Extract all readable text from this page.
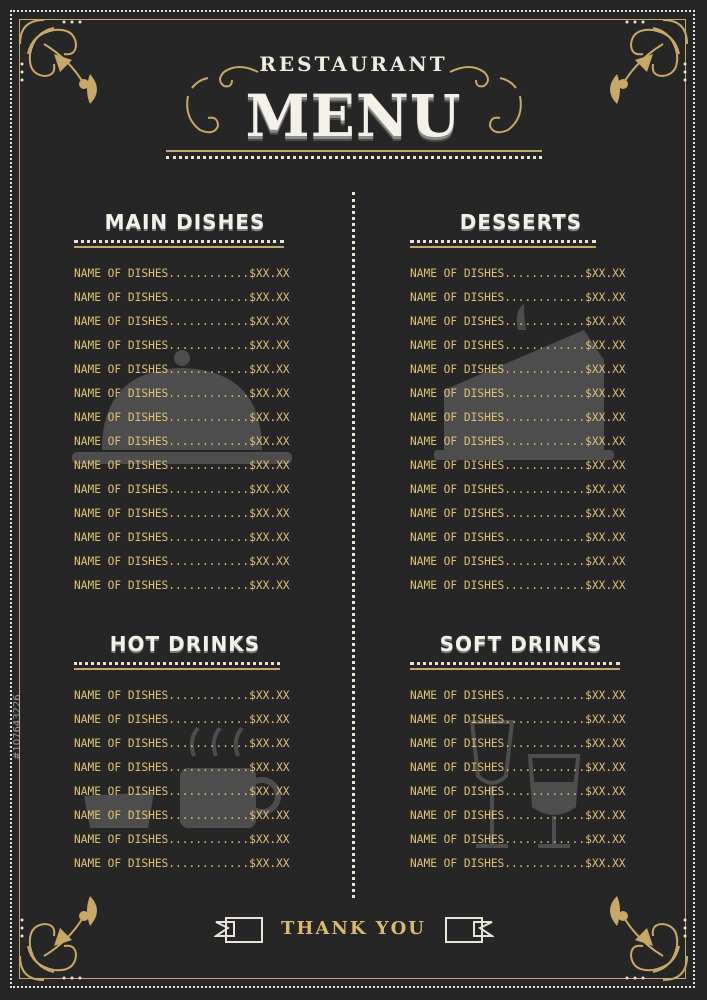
RESTAURANT
MENU
MAIN DISHES
NAME OF DISHES............$XX.XX
NAME OF DISHES............$XX.XX
NAME OF DISHES............$XX.XX
NAME OF DISHES............$XX.XX
NAME OF DISHES............$XX.XX
NAME OF DISHES............$XX.XX
NAME OF DISHES............$XX.XX
NAME OF DISHES............$XX.XX
NAME OF DISHES............$XX.XX
NAME OF DISHES............$XX.XX
NAME OF DISHES............$XX.XX
NAME OF DISHES............$XX.XX
NAME OF DISHES............$XX.XX
NAME OF DISHES............$XX.XX
DESSERTS
NAME OF DISHES............$XX.XX
NAME OF DISHES............$XX.XX
NAME OF DISHES............$XX.XX
NAME OF DISHES............$XX.XX
NAME OF DISHES............$XX.XX
NAME OF DISHES............$XX.XX
NAME OF DISHES............$XX.XX
NAME OF DISHES............$XX.XX
NAME OF DISHES............$XX.XX
NAME OF DISHES............$XX.XX
NAME OF DISHES............$XX.XX
NAME OF DISHES............$XX.XX
NAME OF DISHES............$XX.XX
NAME OF DISHES............$XX.XX
HOT DRINKS
NAME OF DISHES............$XX.XX
NAME OF DISHES............$XX.XX
NAME OF DISHES............$XX.XX
NAME OF DISHES............$XX.XX
NAME OF DISHES............$XX.XX
NAME OF DISHES............$XX.XX
NAME OF DISHES............$XX.XX
NAME OF DISHES............$XX.XX
SOFT DRINKS
NAME OF DISHES............$XX.XX
NAME OF DISHES............$XX.XX
NAME OF DISHES............$XX.XX
NAME OF DISHES............$XX.XX
NAME OF DISHES............$XX.XX
NAME OF DISHES............$XX.XX
NAME OF DISHES............$XX.XX
NAME OF DISHES............$XX.XX
THANK YOU
#107643226
